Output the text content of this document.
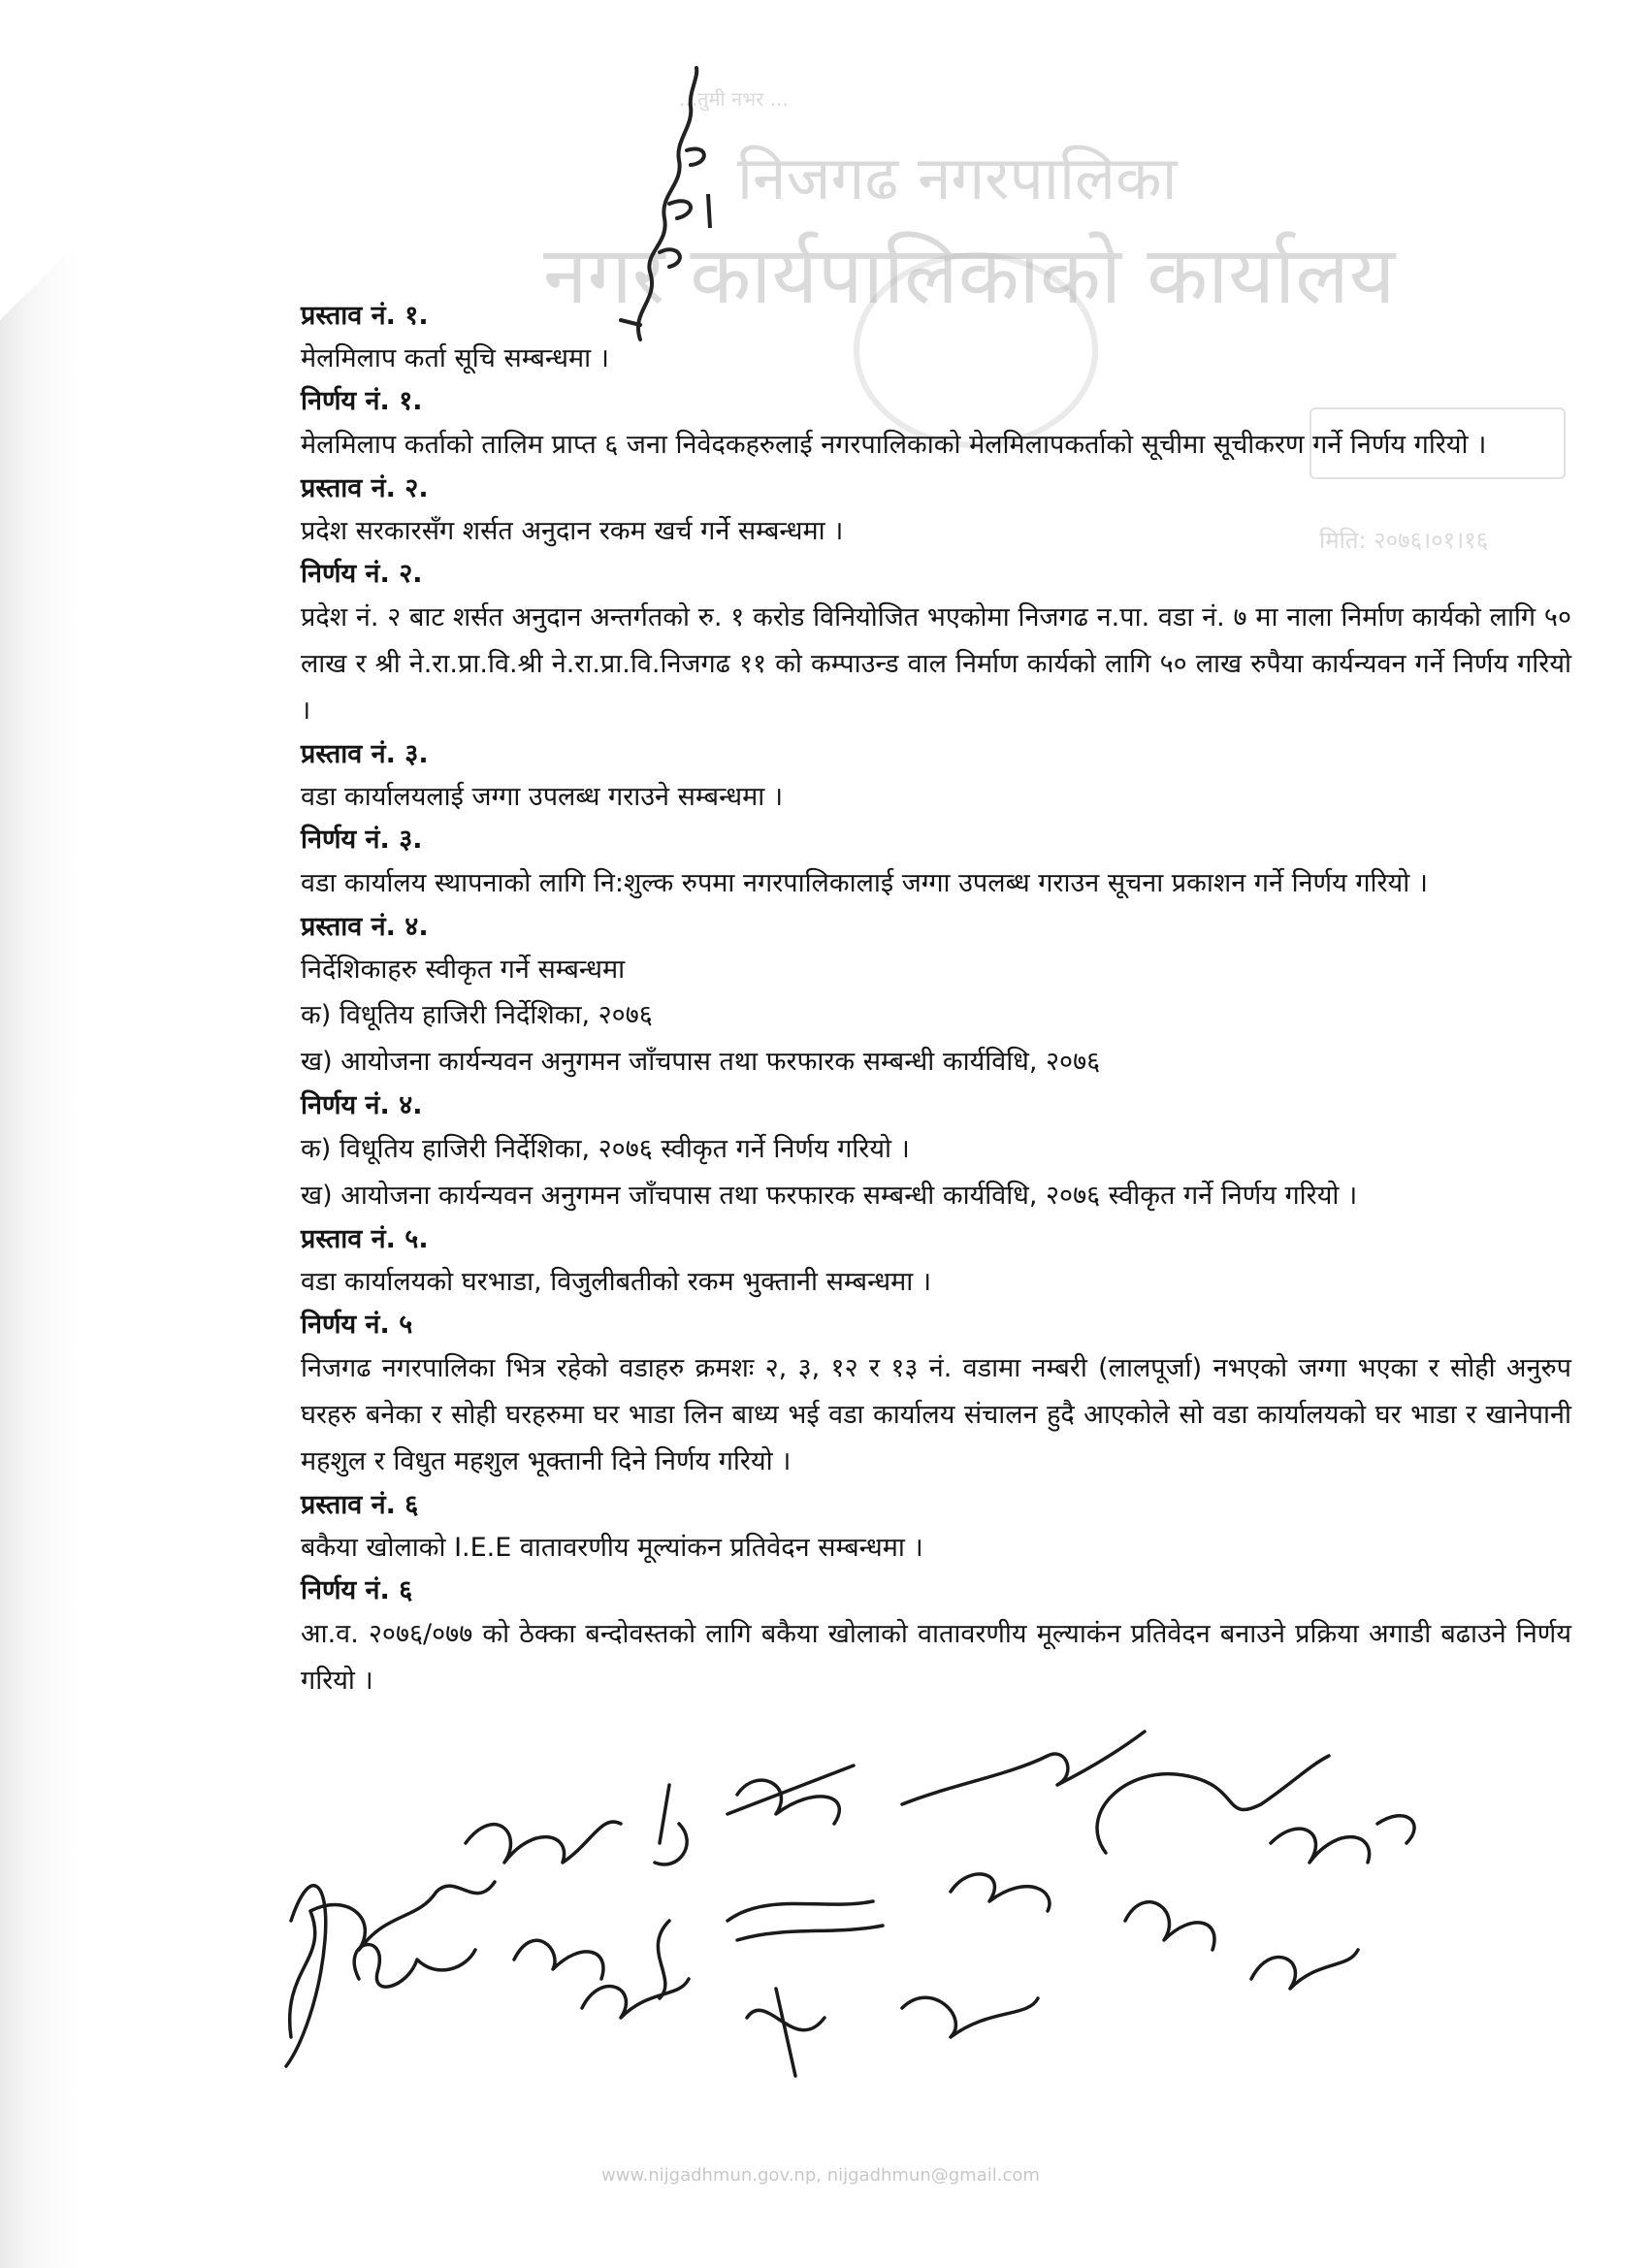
...तुमी नभर ...
निजगढ नगरपालिका
नगर कार्यपालिकाको कार्यालय
मिति: २०७६।०१।१६
प्रस्ताव नं. १.
मेलमिलाप कर्ता सूचि सम्बन्धमा ।
निर्णय नं. १.
मेलमिलाप कर्ताको तालिम प्राप्त ६ जना निवेदकहरुलाई नगरपालिकाको मेलमिलापकर्ताको सूचीमा सूचीकरण गर्ने निर्णय गरियो ।
प्रस्ताव नं. २.
प्रदेश सरकारसँग शर्सत अनुदान रकम खर्च गर्ने सम्बन्धमा ।
निर्णय नं. २.
प्रदेश नं. २ बाट शर्सत अनुदान अन्तर्गतको रु. १ करोड विनियोजित भएकोमा निजगढ न.पा. वडा नं. ७ मा नाला निर्माण कार्यको लागि ५० लाख र श्री ने.रा.प्रा.वि.श्री ने.रा.प्रा.वि.निजगढ ११ को कम्पाउन्ड वाल निर्माण कार्यको लागि ५० लाख रुपैया कार्यन्यवन गर्ने निर्णय गरियो ।
प्रस्ताव नं. ३.
वडा कार्यालयलाई जग्गा उपलब्ध गराउने सम्बन्धमा ।
निर्णय नं. ३.
वडा कार्यालय स्थापनाको लागि नि:शुल्क रुपमा नगरपालिकालाई जग्गा उपलब्ध गराउन सूचना प्रकाशन गर्ने निर्णय गरियो ।
प्रस्ताव नं. ४.
निर्देशिकाहरु स्वीकृत गर्ने सम्बन्धमा
क) विधूतिय हाजिरी निर्देशिका, २०७६
ख) आयोजना कार्यन्यवन अनुगमन जाँचपास तथा फरफारक सम्बन्धी कार्यविधि, २०७६
निर्णय नं. ४.
क) विधूतिय हाजिरी निर्देशिका, २०७६ स्वीकृत गर्ने निर्णय गरियो ।
ख) आयोजना कार्यन्यवन अनुगमन जाँचपास तथा फरफारक सम्बन्धी कार्यविधि, २०७६ स्वीकृत गर्ने निर्णय गरियो ।
प्रस्ताव नं. ५.
वडा कार्यालयको घरभाडा, विजुलीबतीको रकम भुक्तानी सम्बन्धमा ।
निर्णय नं. ५
निजगढ नगरपालिका भित्र रहेको वडाहरु क्रमशः २, ३, १२ र १३ नं. वडामा नम्बरी (लालपूर्जा) नभएको जग्गा भएका र सोही अनुरुप घरहरु बनेका र सोही घरहरुमा घर भाडा लिन बाध्य भई वडा कार्यालय संचालन हुदै आएकोले सो वडा कार्यालयको घर भाडा र खानेपानी महशुल र विधुत महशुल भूक्तानी दिने निर्णय गरियो ।
प्रस्ताव नं. ६
बकैया खोलाको I.E.E वातावरणीय मूल्यांकन प्रतिवेदन सम्बन्धमा ।
निर्णय नं. ६
आ.व. २०७६/०७७ को ठेक्का बन्दोवस्तको लागि बकैया खोलाको वातावरणीय मूल्याकंन प्रतिवेदन बनाउने प्रक्रिया अगाडी बढाउने निर्णय गरियो ।
www.nijgadhmun.gov.np, nijgadhmun@gmail.com
